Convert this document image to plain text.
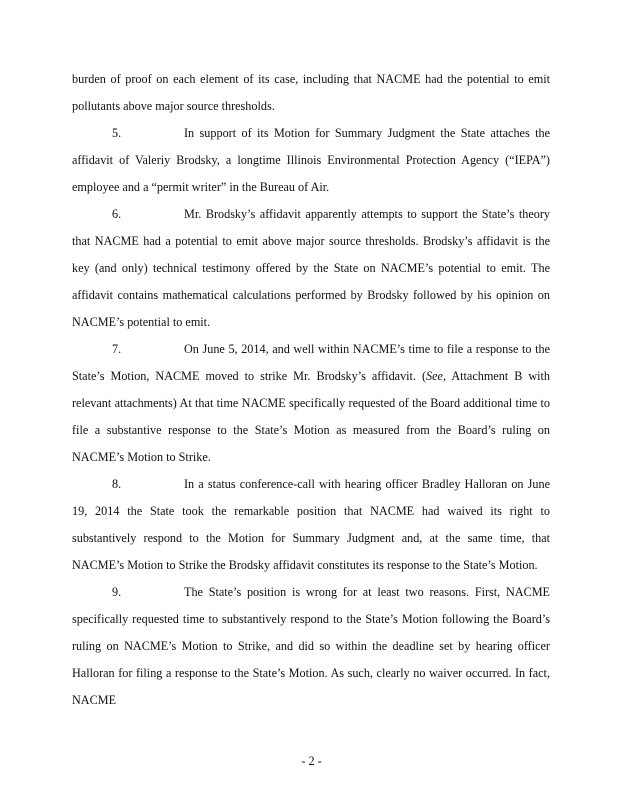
burden of proof on each element of its case, including that NACME had the potential to emit pollutants above major source thresholds.

5.	In support of its Motion for Summary Judgment the State attaches the affidavit of Valeriy Brodsky, a longtime Illinois Environmental Protection Agency (“IEPA”) employee and a “permit writer” in the Bureau of Air.

6.	Mr. Brodsky’s affidavit apparently attempts to support the State’s theory that NACME had a potential to emit above major source thresholds. Brodsky’s affidavit is the key (and only) technical testimony offered by the State on NACME’s potential to emit. The affidavit contains mathematical calculations performed by Brodsky followed by his opinion on NACME’s potential to emit.

7.	On June 5, 2014, and well within NACME’s time to file a response to the State’s Motion, NACME moved to strike Mr. Brodsky’s affidavit. (See, Attachment B with relevant attachments) At that time NACME specifically requested of the Board additional time to file a substantive response to the State’s Motion as measured from the Board’s ruling on NACME’s Motion to Strike.

8.	In a status conference-call with hearing officer Bradley Halloran on June 19, 2014 the State took the remarkable position that NACME had waived its right to substantively respond to the Motion for Summary Judgment and, at the same time, that NACME’s Motion to Strike the Brodsky affidavit constitutes its response to the State’s Motion.

9.	The State’s position is wrong for at least two reasons. First, NACME specifically requested time to substantively respond to the State’s Motion following the Board’s ruling on NACME’s Motion to Strike, and did so within the deadline set by hearing officer Halloran for filing a response to the State’s Motion. As such, clearly no waiver occurred. In fact, NACME

- 2 -
